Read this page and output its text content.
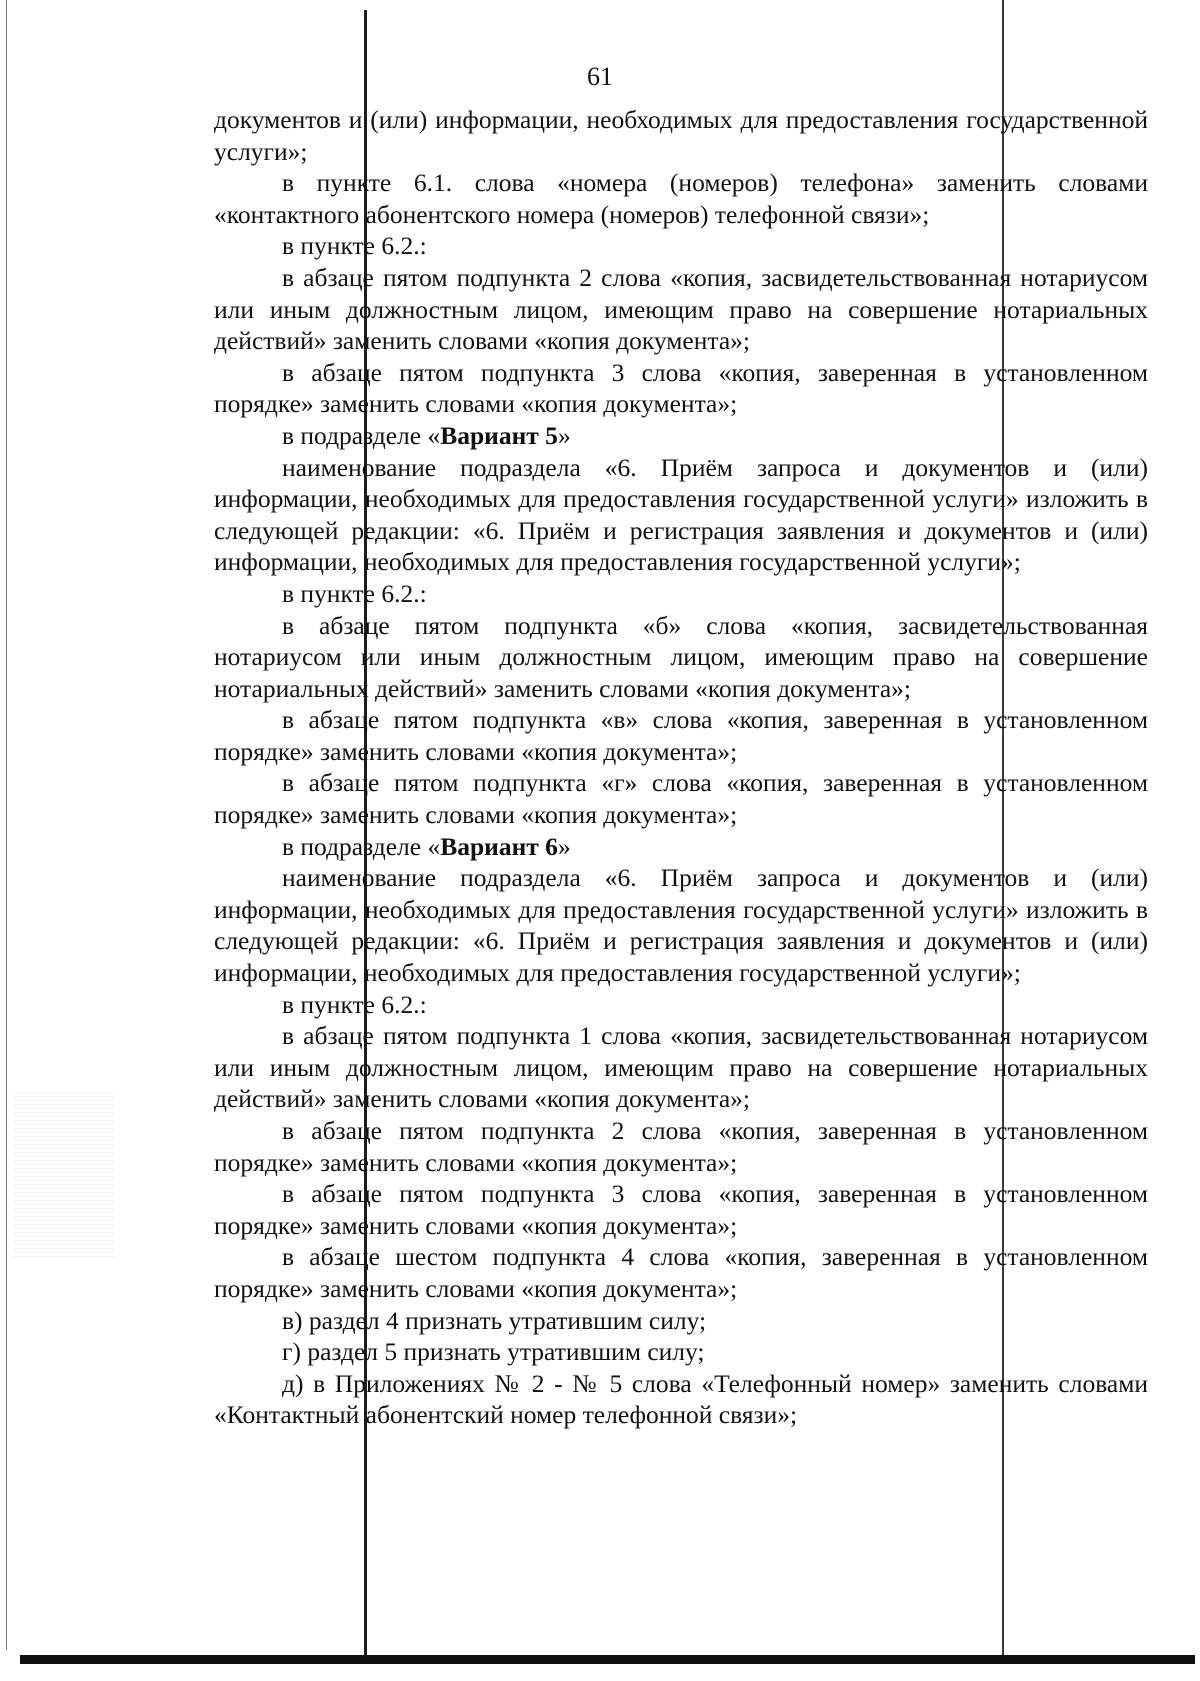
61

документов и (или) информации, необходимых для предоставления государственной услуги»;

в пункте 6.1. слова «номера (номеров) телефона» заменить словами «контактного абонентского номера (номеров) телефонной связи»;

в пункте 6.2.:

в абзаце пятом подпункта 2 слова «копия, засвидетельствованная нотариусом или иным должностным лицом, имеющим право на совершение нотариальных действий» заменить словами «копия документа»;

в абзаце пятом подпункта 3 слова «копия, заверенная в установленном порядке» заменить словами «копия документа»;

в подразделе «Вариант 5»

наименование подраздела «6. Приём запроса и документов и (или) информации, необходимых для предоставления государственной услуги» изложить в следующей редакции: «6. Приём и регистрация заявления и документов и (или) информации, необходимых для предоставления государственной услуги»;

в пункте 6.2.:

в абзаце пятом подпункта «б» слова «копия, засвидетельствованная нотариусом или иным должностным лицом, имеющим право на совершение нотариальных действий» заменить словами «копия документа»;

в абзаце пятом подпункта «в» слова «копия, заверенная в установленном порядке» заменить словами «копия документа»;

в абзаце пятом подпункта «г» слова «копия, заверенная в установленном порядке» заменить словами «копия документа»;

в подразделе «Вариант 6»

наименование подраздела «6. Приём запроса и документов и (или) информации, необходимых для предоставления государственной услуги» изложить в следующей редакции: «6. Приём и регистрация заявления и документов и (или) информации, необходимых для предоставления государственной услуги»;

в пункте 6.2.:

в абзаце пятом подпункта 1 слова «копия, засвидетельствованная нотариусом или иным должностным лицом, имеющим право на совершение нотариальных действий» заменить словами «копия документа»;

в абзаце пятом подпункта 2 слова «копия, заверенная в установленном порядке» заменить словами «копия документа»;

в абзаце пятом подпункта 3 слова «копия, заверенная в установленном порядке» заменить словами «копия документа»;

в абзаце шестом подпункта 4 слова «копия, заверенная в установленном порядке» заменить словами «копия документа»;

в) раздел 4 признать утратившим силу;

г) раздел 5 признать утратившим силу;

д) в Приложениях № 2 - № 5 слова «Телефонный номер» заменить словами «Контактный абонентский номер телефонной связи»;
